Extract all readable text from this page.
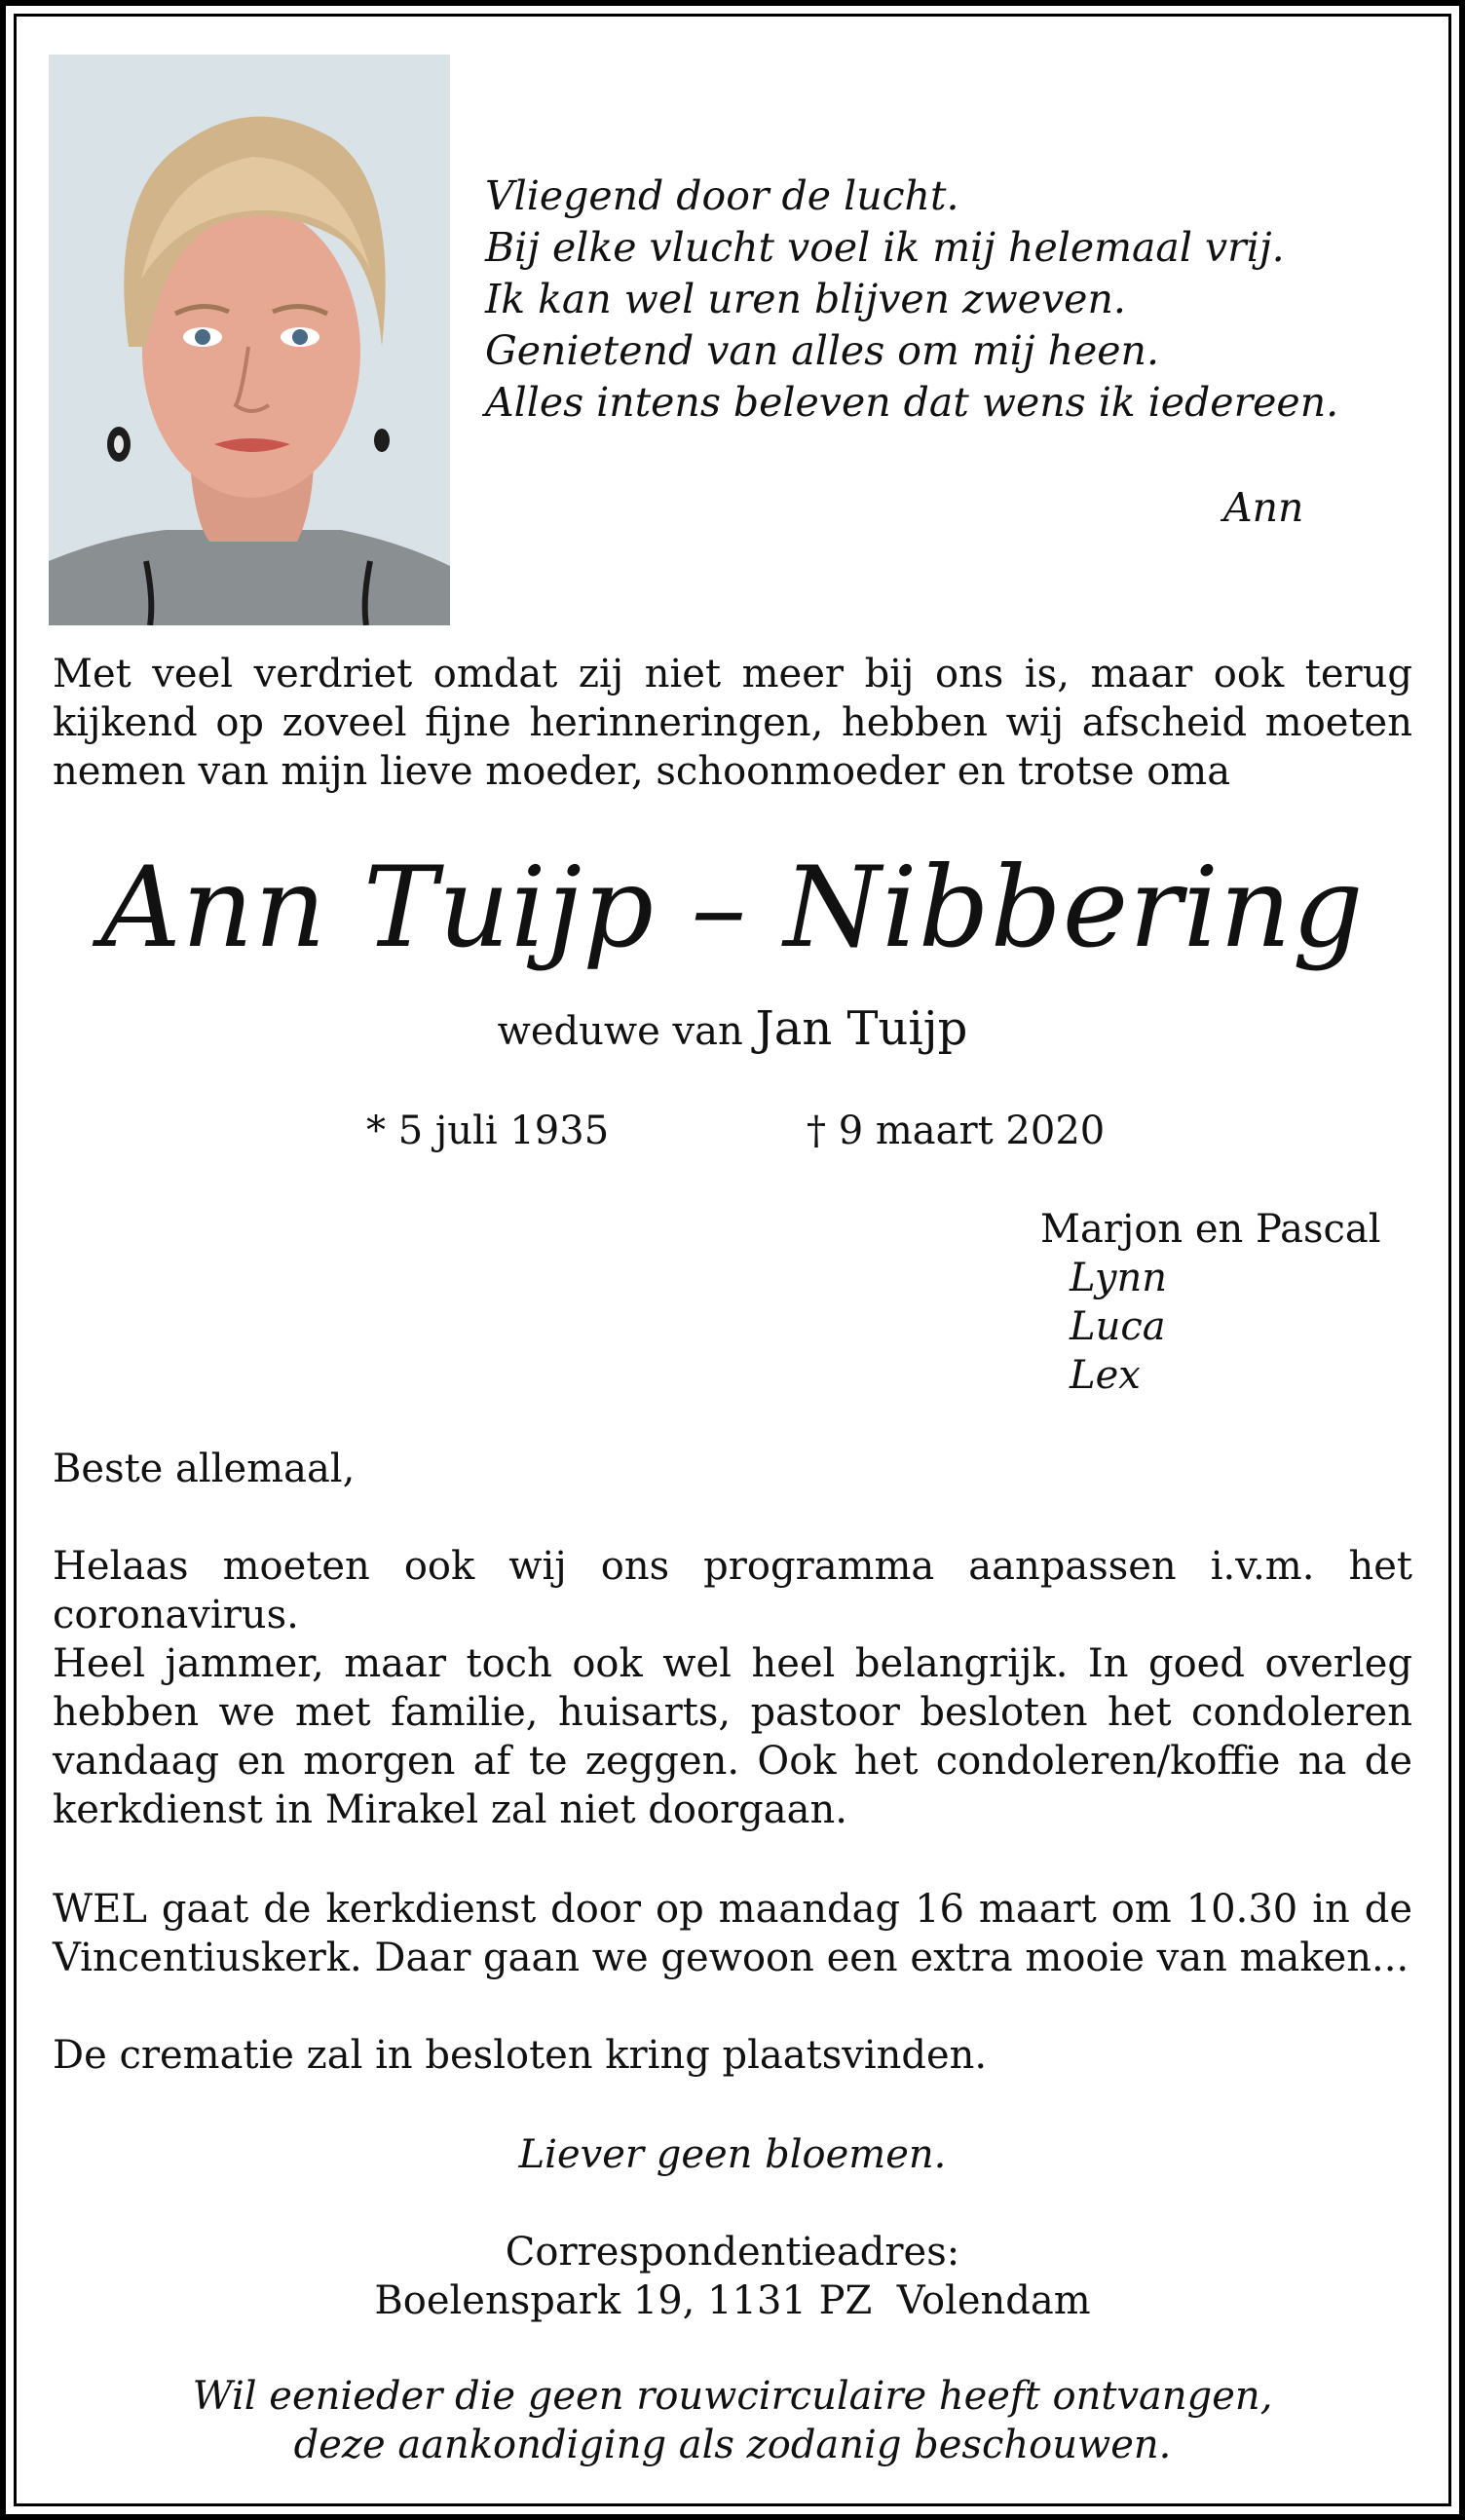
Vliegend door de lucht.
Bij elke vlucht voel ik mij helemaal vrij.
Ik kan wel uren blijven zweven.
Genietend van alles om mij heen.
Alles intens beleven dat wens ik iedereen.
Ann
Met veel verdriet omdat zij niet meer bij ons is, maar ook terug kijkend op zoveel fijne herinneringen, hebben wij afscheid moeten nemen van mijn lieve moeder, schoonmoeder en trotse oma
Ann Tuijp – Nibbering
weduwe van Jan Tuijp
* 5 juli 1935	† 9 maart 2020
Marjon en Pascal
Lynn
Luca
Lex
Beste allemaal,
Helaas moeten ook wij ons programma aanpassen i.v.m. het coronavirus.
Heel jammer, maar toch ook wel heel belangrijk. In goed overleg hebben we met familie, huisarts, pastoor besloten het condoleren vandaag en morgen af te zeggen. Ook het condoleren/koffie na de kerkdienst in Mirakel zal niet doorgaan.
WEL gaat de kerkdienst door op maandag 16 maart om 10.30 in de Vincentiuskerk. Daar gaan we gewoon een extra mooie van maken...
De crematie zal in besloten kring plaatsvinden.
Liever geen bloemen.
Correspondentieadres:
Boelenspark 19, 1131 PZ  Volendam
Wil eenieder die geen rouwcirculaire heeft ontvangen,
deze aankondiging als zodanig beschouwen.
